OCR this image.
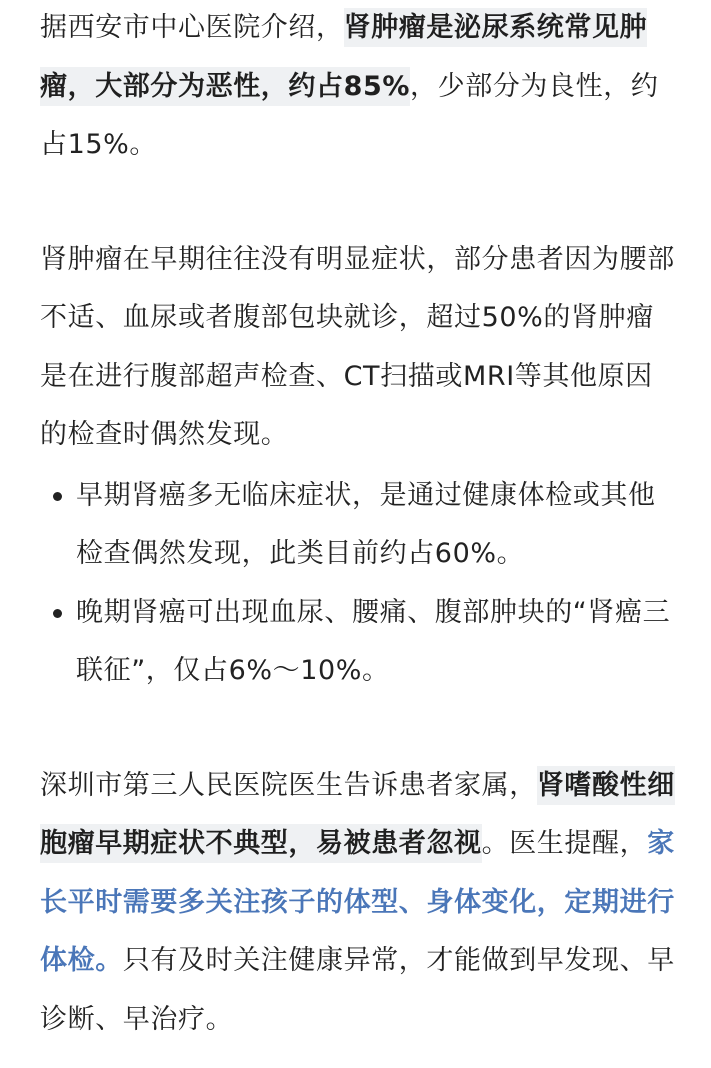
据西安市中心医院介绍，肾肿瘤是泌尿系统常见肿瘤，大部分为恶性，约占85%，少部分为良性，约占15%。

肾肿瘤在早期往往没有明显症状，部分患者因为腰部不适、血尿或者腹部包块就诊，超过50%的肾肿瘤是在进行腹部超声检查、CT扫描或MRI等其他原因的检查时偶然发现。

早期肾癌多无临床症状，是通过健康体检或其他检查偶然发现，此类目前约占60%。
晚期肾癌可出现血尿、腰痛、腹部肿块的“肾癌三联征”，仅占6%～10%。

深圳市第三人民医院医生告诉患者家属，肾嗜酸性细胞瘤早期症状不典型，易被患者忽视。医生提醒，家长平时需要多关注孩子的体型、身体变化，定期进行体检。只有及时关注健康异常，才能做到早发现、早诊断、早治疗。
